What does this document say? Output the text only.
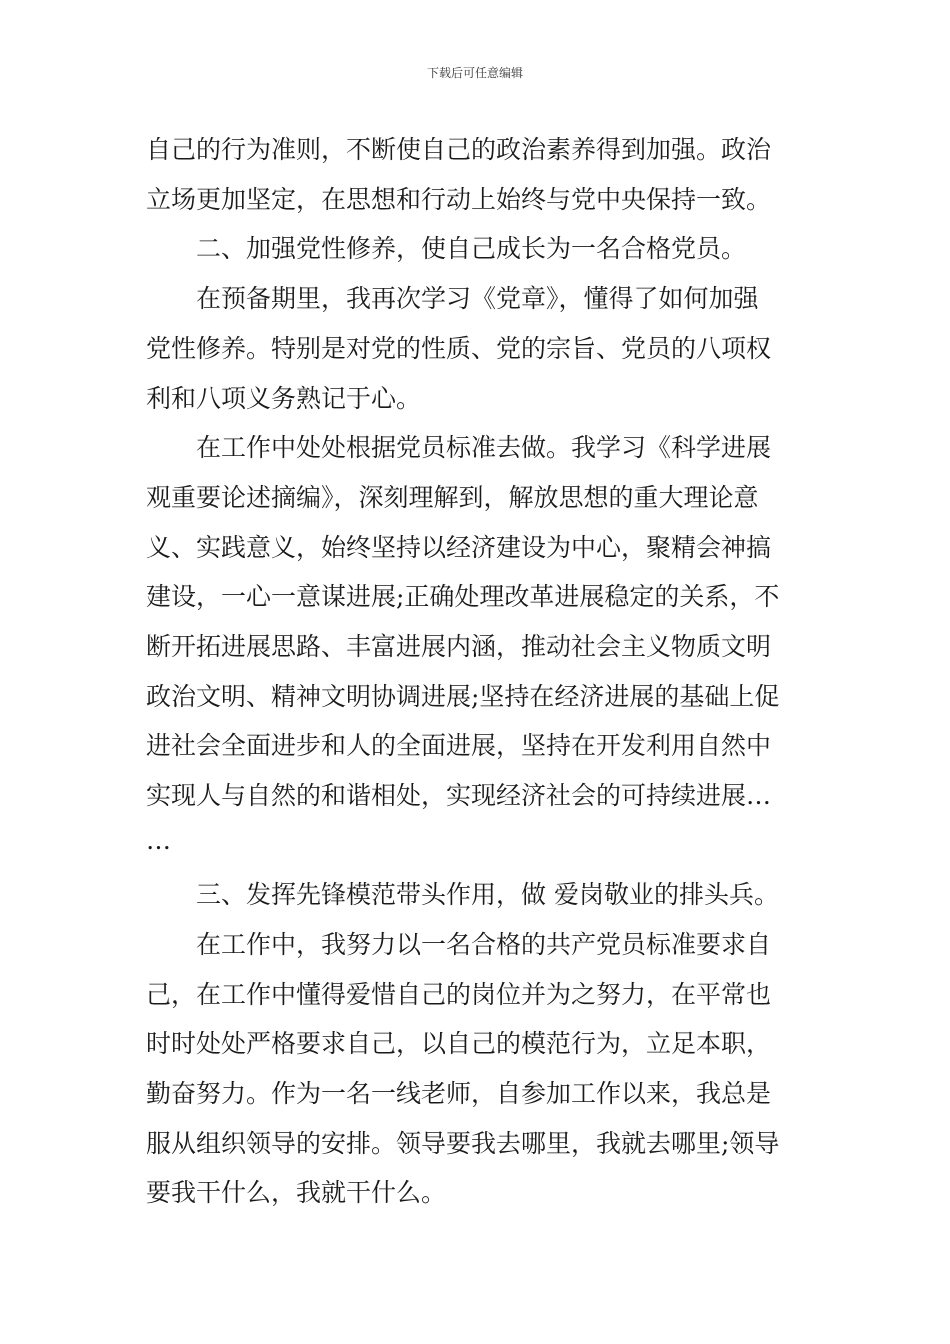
下载后可任意编辑
自己的行为准则，不断使自己的政治素养得到加强。政治
立场更加坚定，在思想和行动上始终与党中央保持一致。
二、加强党性修养，使自己成长为一名合格党员。
在预备期里，我再次学习《党章》，懂得了如何加强
党性修养。特别是对党的性质、党的宗旨、党员的八项权
利和八项义务熟记于心。
在工作中处处根据党员标准去做。我学习《科学进展
观重要论述摘编》，深刻理解到，解放思想的重大理论意
义、实践意义，始终坚持以经济建设为中心，聚精会神搞
建设，一心一意谋进展;正确处理改革进展稳定的关系，不
断开拓进展思路、丰富进展内涵，推动社会主义物质文明
政治文明、精神文明协调进展;坚持在经济进展的基础上促
进社会全面进步和人的全面进展，坚持在开发利用自然中
实现人与自然的和谐相处，实现经济社会的可持续进展…
…
三、发挥先锋模范带头作用，做 爱岗敬业的排头兵。
在工作中，我努力以一名合格的共产党员标准要求自
己，在工作中懂得爱惜自己的岗位并为之努力，在平常也
时时处处严格要求自己，以自己的模范行为，立足本职，
勤奋努力。作为一名一线老师，自参加工作以来，我总是
服从组织领导的安排。领导要我去哪里，我就去哪里;领导
要我干什么，我就干什么。
